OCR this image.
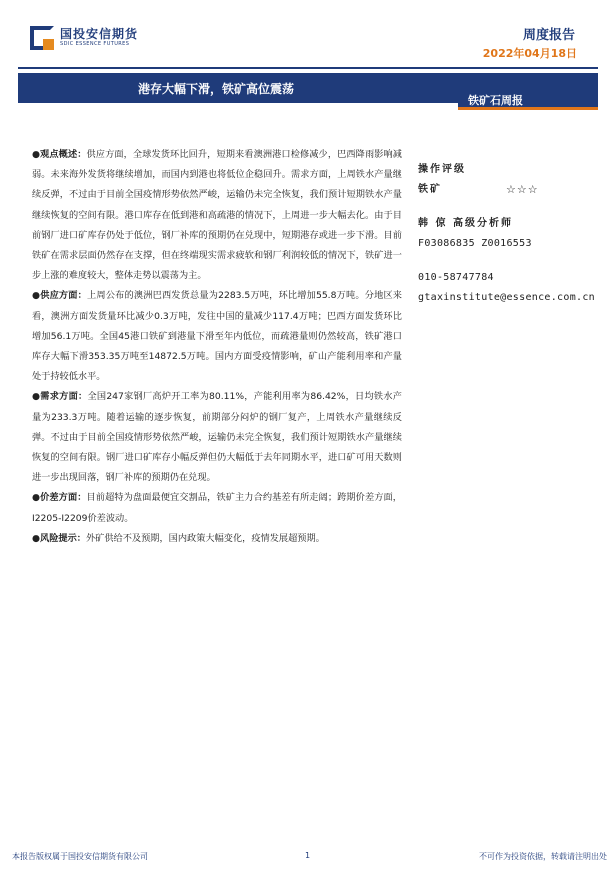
国投安信期货
SDIC ESSENCE FUTURES
周度报告
2022年04月18日
港存大幅下滑，铁矿高位震荡
铁矿石周报

●观点概述：供应方面，全球发货环比回升，短期来看澳洲港口检修减少，巴西降雨影响减弱。未来海外发货将继续增加，而国内到港也将低位企稳回升。需求方面，上周铁水产量继续反弹，不过由于目前全国疫情形势依然严峻，运输仍未完全恢复，我们预计短期铁水产量继续恢复的空间有限。港口库存在低到港和高疏港的情况下，上周进一步大幅去化。由于目前钢厂进口矿库存仍处于低位，钢厂补库的预期仍在兑现中，短期港存或进一步下滑。目前铁矿在需求层面仍然存在支撑，但在终端现实需求疲软和钢厂利润较低的情况下，铁矿进一步上涨的难度较大，整体走势以震荡为主。

●供应方面：上周公布的澳洲巴西发货总量为2283.5万吨，环比增加55.8万吨。分地区来看，澳洲方面发货量环比减少0.3万吨，发往中国的量减少117.4万吨；巴西方面发货环比增加56.1万吨。全国45港口铁矿到港量下滑至年内低位，而疏港量则仍然较高，铁矿港口库存大幅下滑353.35万吨至14872.5万吨。国内方面受疫情影响，矿山产能利用率和产量处于持较低水平。

●需求方面：全国247家钢厂高炉开工率为80.11%，产能利用率为86.42%，日均铁水产量为233.3万吨。随着运输的逐步恢复，前期部分闷炉的钢厂复产，上周铁水产量继续反弹。不过由于目前全国疫情形势依然严峻，运输仍未完全恢复，我们预计短期铁水产量继续恢复的空间有限。钢厂进口矿库存小幅反弹但仍大幅低于去年同期水平，进口矿可用天数则进一步出现回落，钢厂补库的预期仍在兑现。

●价差方面：目前超特为盘面最便宜交割品，铁矿主力合约基差有所走阔；跨期价差方面，I2205-I2209价差波动。

●风险提示：外矿供给不及预期，国内政策大幅变化，疫情发展超预期。

操作评级
铁矿	☆☆☆
韩 倞 高级分析师
F03086835 Z0016553
010-58747784
gtaxinstitute@essence.com.cn
本报告版权属于国投安信期货有限公司	1	不可作为投资依据，转载请注明出处
